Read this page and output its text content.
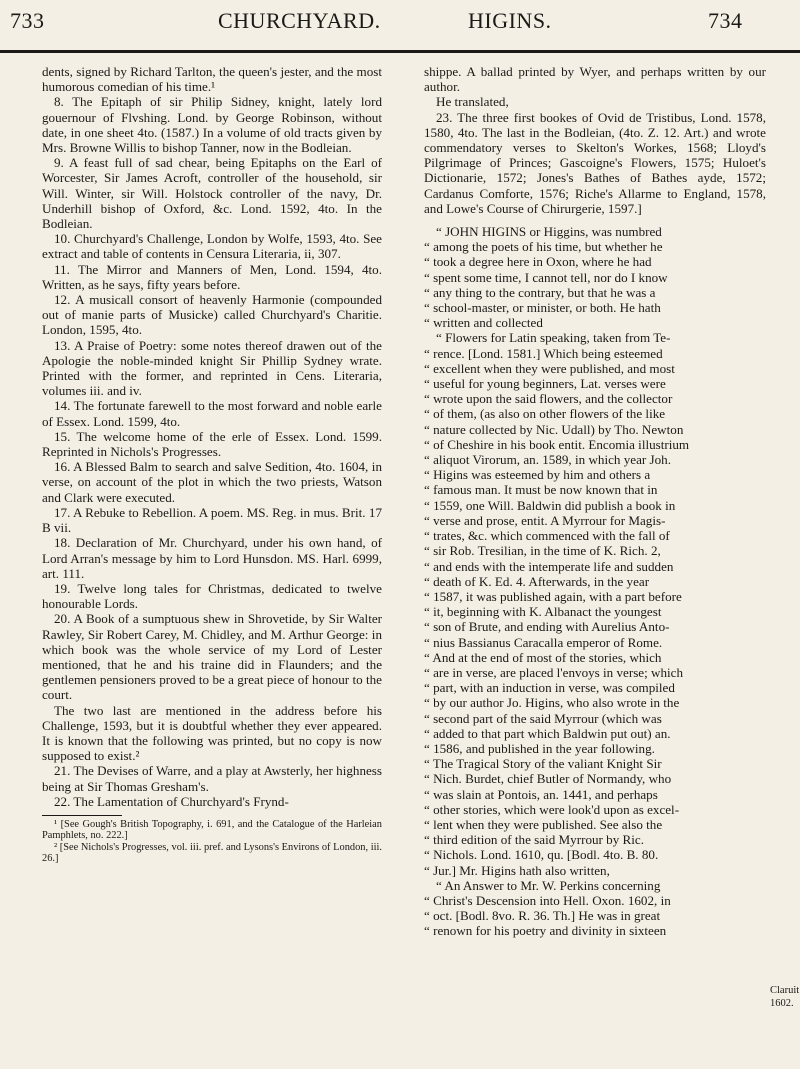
733	CHURCHYARD.	HIGINS.	734

dents, signed by Richard Tarlton, the queen's jester, and the most humorous comedian of his time.¹

8. The Epitaph of sir Philip Sidney, knight, lately lord gouernour of Flvshing. Lond. by George Robinson, without date, in one sheet 4to. (1587.) In a volume of old tracts given by Mrs. Browne Willis to bishop Tanner, now in the Bodleian.

9. A feast full of sad chear, being Epitaphs on the Earl of Worcester, Sir James Acroft, controller of the household, sir Will. Winter, sir Will. Holstock controller of the navy, Dr. Underhill bishop of Oxford, &c. Lond. 1592, 4to. In the Bodleian.

10. Churchyard's Challenge, London by Wolfe, 1593, 4to. See extract and table of contents in Censura Literaria, ii, 307.

11. The Mirror and Manners of Men, Lond. 1594, 4to. Written, as he says, fifty years before.

12. A musicall consort of heavenly Harmonie (compounded out of manie parts of Musicke) called Churchyard's Charitie. London, 1595, 4to.

13. A Praise of Poetry: some notes thereof drawen out of the Apologie the noble-minded knight Sir Phillip Sydney wrate. Printed with the former, and reprinted in Cens. Literaria, volumes iii. and iv.

14. The fortunate farewell to the most forward and noble earle of Essex. Lond. 1599, 4to.

15. The welcome home of the erle of Essex. Lond. 1599. Reprinted in Nichols's Progresses.

16. A Blessed Balm to search and salve Sedition, 4to. 1604, in verse, on account of the plot in which the two priests, Watson and Clark were executed.

17. A Rebuke to Rebellion. A poem. MS. Reg. in mus. Brit. 17 B vii.

18. Declaration of Mr. Churchyard, under his own hand, of Lord Arran's message by him to Lord Hunsdon. MS. Harl. 6999, art. 111.

19. Twelve long tales for Christmas, dedicated to twelve honourable Lords.

20. A Book of a sumptuous shew in Shrovetide, by Sir Walter Rawley, Sir Robert Carey, M. Chidley, and M. Arthur George: in which book was the whole service of my Lord of Lester mentioned, that he and his traine did in Flaunders; and the gentlemen pensioners proved to be a great piece of honour to the court.

The two last are mentioned in the address before his Challenge, 1593, but it is doubtful whether they ever appeared. It is known that the following was printed, but no copy is now supposed to exist.²

21. The Devises of Warre, and a play at Awsterly, her highness being at Sir Thomas Gresham's.

22. The Lamentation of Churchyard's Frynd-

¹ [See Gough's British Topography, i. 691, and the Catalogue of the Harleian Pamphlets, no. 222.]

² [See Nichols's Progresses, vol. iii. pref. and Lysons's Environs of London, iii. 26.]

shippe. A ballad printed by Wyer, and perhaps written by our author.

He translated,

23. The three first bookes of Ovid de Tristibus, Lond. 1578, 1580, 4to. The last in the Bodleian, (4to. Z. 12. Art.) and wrote commendatory verses to Skelton's Workes, 1568; Lloyd's Pilgrimage of Princes; Gascoigne's Flowers, 1575; Huloet's Dictionarie, 1572; Jones's Bathes of Bathes ayde, 1572; Cardanus Comforte, 1576; Riche's Allarme to England, 1578, and Lowe's Course of Chirurgerie, 1597.]

“ JOHN HIGINS or Higgins, was numbred

“ among the poets of his time, but whether he

“ took a degree here in Oxon, where he had

“ spent some time, I cannot tell, nor do I know

“ any thing to the contrary, but that he was a

“ school-master, or minister, or both. He hath

“ written and collected

“ Flowers for Latin speaking, taken from Te-

“ rence. [Lond. 1581.] Which being esteemed

“ excellent when they were published, and most

“ useful for young beginners, Lat. verses were

“ wrote upon the said flowers, and the collector

“ of them, (as also on other flowers of the like

“ nature collected by Nic. Udall) by Tho. Newton

“ of Cheshire in his book entit. Encomia illustrium

“ aliquot Virorum, an. 1589, in which year Joh.

“ Higins was esteemed by him and others a

“ famous man. It must be now known that in

“ 1559, one Will. Baldwin did publish a book in

“ verse and prose, entit. A Myrrour for Magis-

“ trates, &c. which commenced with the fall of

“ sir Rob. Tresilian, in the time of K. Rich. 2,

“ and ends with the intemperate life and sudden

“ death of K. Ed. 4. Afterwards, in the year

“ 1587, it was published again, with a part before

“ it, beginning with K. Albanact the youngest

“ son of Brute, and ending with Aurelius Anto-

“ nius Bassianus Caracalla emperor of Rome.

“ And at the end of most of the stories, which

“ are in verse, are placed l'envoys in verse; which

“ part, with an induction in verse, was compiled

“ by our author Jo. Higins, who also wrote in the

“ second part of the said Myrrour (which was

“ added to that part which Baldwin put out) an.

“ 1586, and published in the year following.

“ The Tragical Story of the valiant Knight Sir

“ Nich. Burdet, chief Butler of Normandy, who

“ was slain at Pontois, an. 1441, and perhaps

“ other stories, which were look'd upon as excel-

“ lent when they were published. See also the

“ third edition of the said Myrrour by Ric.

“ Nichols. Lond. 1610, qu. [Bodl. 4to. B. 80.

“ Jur.] Mr. Higins hath also written,

“ An Answer to Mr. W. Perkins concerning

“ Christ's Descension into Hell. Oxon. 1602, in

“ oct. [Bodl. 8vo. R. 36. Th.] He was in great

“ renown for his poetry and divinity in sixteen

Claruit
1602.
